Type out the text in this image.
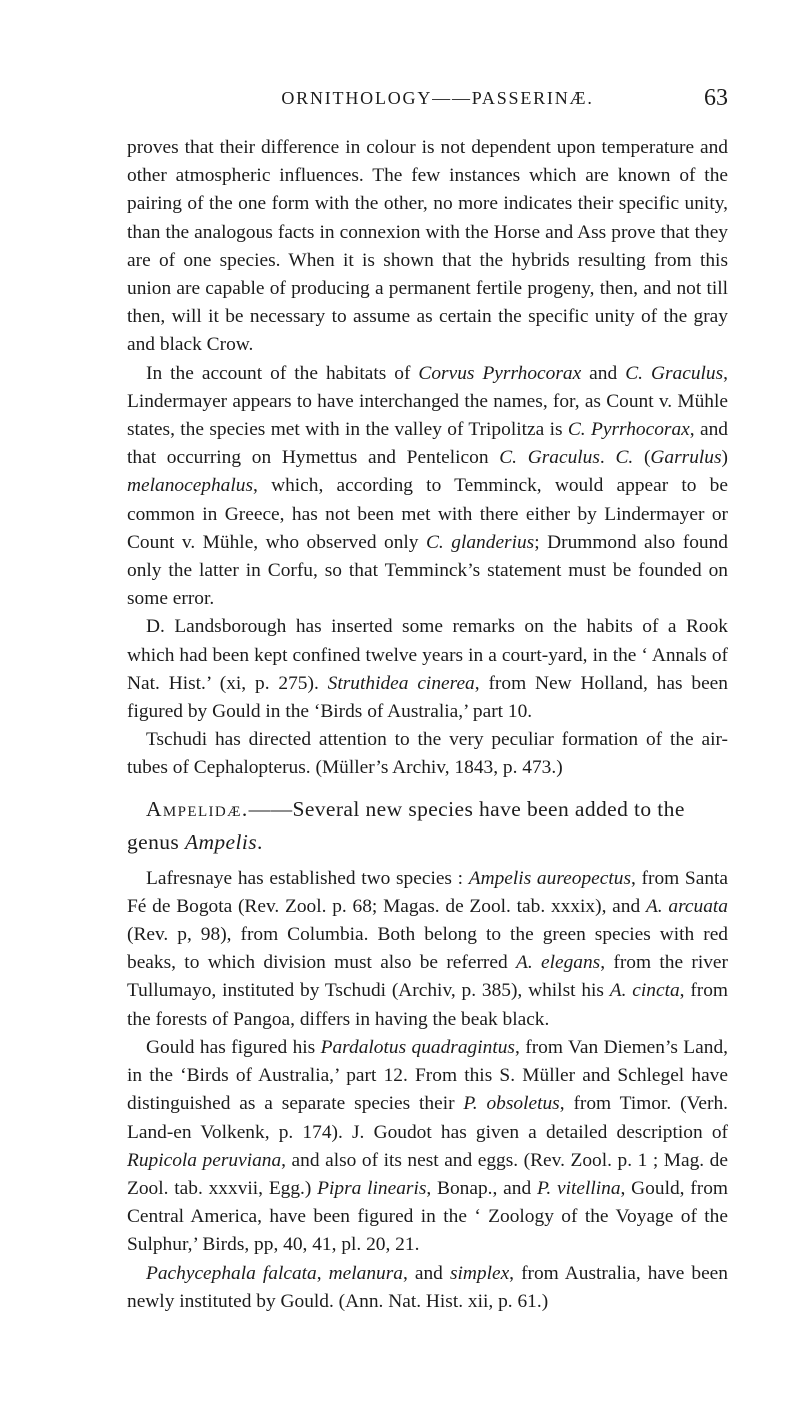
ORNITHOLOGY——PASSERINÆ.	63

proves that their difference in colour is not dependent upon temperature and other atmospheric influences. The few instances which are known of the pairing of the one form with the other, no more indicates their specific unity, than the analogous facts in connexion with the Horse and Ass prove that they are of one species. When it is shown that the hybrids resulting from this union are capable of producing a permanent fertile progeny, then, and not till then, will it be necessary to assume as certain the specific unity of the gray and black Crow.

In the account of the habitats of Corvus Pyrrhocorax and C. Graculus, Lindermayer appears to have interchanged the names, for, as Count v. Mühle states, the species met with in the valley of Tripolitza is C. Pyrrhocorax, and that occurring on Hymettus and Pentelicon C. Graculus. C. (Garrulus) melanocephalus, which, according to Temminck, would appear to be common in Greece, has not been met with there either by Lindermayer or Count v. Mühle, who observed only C. glanderius; Drummond also found only the latter in Corfu, so that Temminck’s statement must be founded on some error.

D. Landsborough has inserted some remarks on the habits of a Rook which had been kept confined twelve years in a court-yard, in the ‘ Annals of Nat. Hist.’ (xi, p. 275). Struthidea cinerea, from New Holland, has been figured by Gould in the ‘Birds of Australia,’ part 10.

Tschudi has directed attention to the very peculiar formation of the air-tubes of Cephalopterus. (Müller’s Archiv, 1843, p. 473.)

Ampelidæ.——Several new species have been added to the genus Ampelis.

Lafresnaye has established two species : Ampelis aureopectus, from Santa Fé de Bogota (Rev. Zool. p. 68; Magas. de Zool. tab. xxxix), and A. arcuata (Rev. p, 98), from Columbia. Both belong to the green species with red beaks, to which division must also be referred A. elegans, from the river Tullumayo, instituted by Tschudi (Archiv, p. 385), whilst his A. cincta, from the forests of Pangoa, differs in having the beak black.

Gould has figured his Pardalotus quadragintus, from Van Diemen’s Land, in the ‘Birds of Australia,’ part 12. From this S. Müller and Schlegel have distinguished as a separate species their P. obsoletus, from Timor. (Verh. Land-en Volkenk, p. 174). J. Goudot has given a detailed description of Rupicola peruviana, and also of its nest and eggs. (Rev. Zool. p. 1 ; Mag. de Zool. tab. xxxvii, Egg.) Pipra linearis, Bonap., and P. vitellina, Gould, from Central America, have been figured in the ‘ Zoology of the Voyage of the Sulphur,’ Birds, pp, 40, 41, pl. 20, 21.

Pachycephala falcata, melanura, and simplex, from Australia, have been newly instituted by Gould. (Ann. Nat. Hist. xii, p. 61.)
